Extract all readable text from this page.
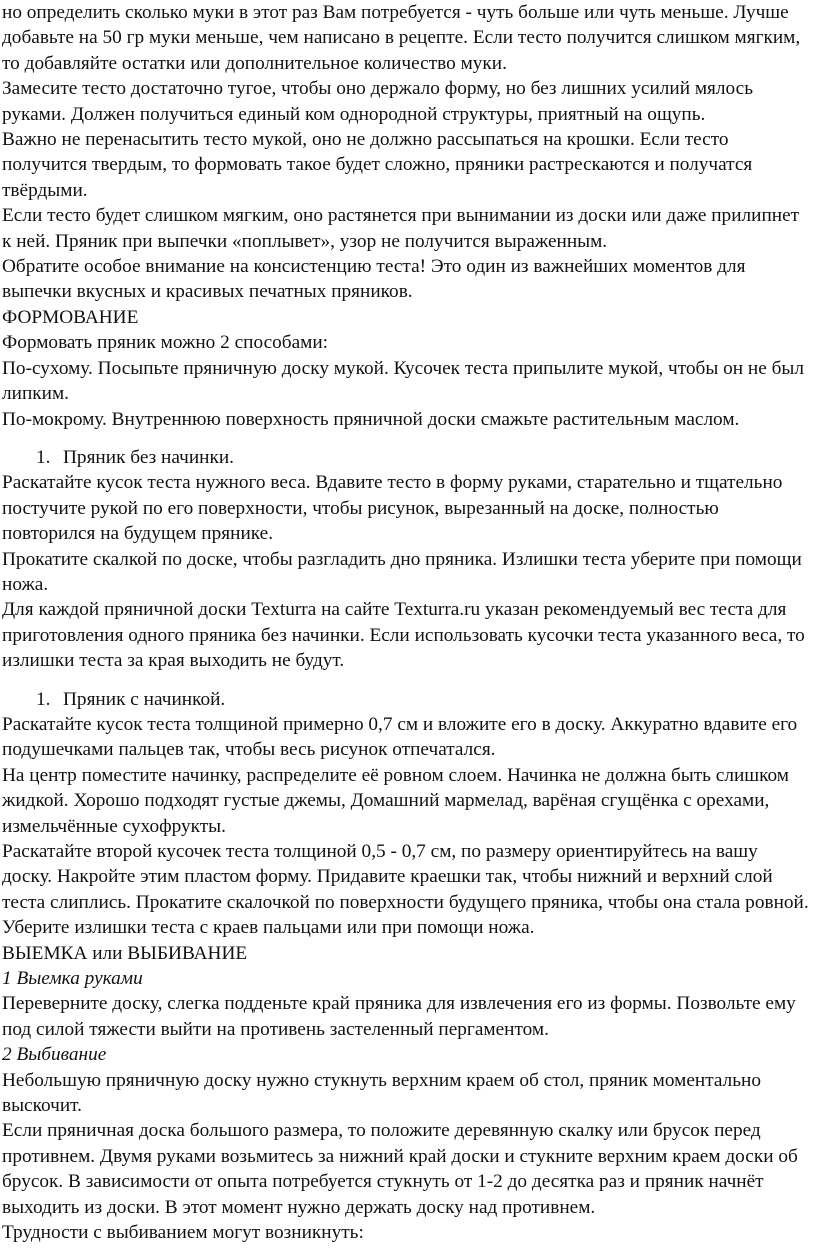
но определить сколько муки в этот раз Вам потребуется - чуть больше или чуть меньше. Лучше добавьте на 50 гр муки меньше, чем написано в рецепте. Если тесто получится слишком мягким, то добавляйте остатки или дополнительное количество муки.

Замесите тесто достаточно тугое, чтобы оно держало форму, но без лишних усилий мялось руками. Должен получиться единый ком однородной структуры, приятный на ощупь.

Важно не перенасытить тесто мукой, оно не должно рассыпаться на крошки. Если тесто получится твердым, то формовать такое будет сложно, пряники растрескаются и получатся твёрдыми.

Если тесто будет слишком мягким, оно растянется при вынимании из доски или даже прилипнет к ней. Пряник при выпечки «поплывет», узор не получится выраженным.

Обратите особое внимание на консистенцию теста! Это один из важнейших моментов для выпечки вкусных и красивых печатных пряников.

ФОРМОВАНИЕ

Формовать пряник можно 2 способами:

По-сухому. Посыпьте пряничную доску мукой. Кусочек теста припылите мукой, чтобы он не был липким.

По-мокрому. Внутреннюю поверхность пряничной доски смажьте растительным маслом.

1. Пряник без начинки.

Раскатайте кусок теста нужного веса. Вдавите тесто в форму руками, старательно и тщательно постучите рукой по его поверхности, чтобы рисунок, вырезанный на доске, полностью повторился на будущем прянике.

Прокатите скалкой по доске, чтобы разгладить дно пряника. Излишки теста уберите при помощи ножа.

Для каждой пряничной доски Texturra на сайте Texturra.ru указан рекомендуемый вес теста для приготовления одного пряника без начинки. Если использовать кусочки теста указанного веса, то излишки теста за края выходить не будут.

1. Пряник с начинкой.

Раскатайте кусок теста толщиной примерно 0,7 см и вложите его в доску. Аккуратно вдавите его подушечками пальцев так, чтобы весь рисунок отпечатался.

На центр поместите начинку, распределите её ровном слоем. Начинка не должна быть слишком жидкой. Хорошо подходят густые джемы, Домашний мармелад, варёная сгущёнка с орехами, измельчённые сухофрукты.

Раскатайте второй кусочек теста толщиной 0,5 - 0,7 см, по размеру ориентируйтесь на вашу доску. Накройте этим пластом форму. Придавите краешки так, чтобы нижний и верхний слой теста слиплись. Прокатите скалочкой по поверхности будущего пряника, чтобы она стала ровной. Уберите излишки теста с краев пальцами или при помощи ножа.

ВЫЕМКА или ВЫБИВАНИЕ

1 Выемка руками

Переверните доску, слегка подденьте край пряника для извлечения его из формы. Позвольте ему под силой тяжести выйти на противень застеленный пергаментом.

2 Выбивание

Небольшую пряничную доску нужно стукнуть верхним краем об стол, пряник моментально выскочит.

Если пряничная доска большого размера, то положите деревянную скалку или брусок перед противнем. Двумя руками возьмитесь за нижний край доски и стукните верхним краем доски об брусок. В зависимости от опыта потребуется стукнуть от 1-2 до десятка раз и пряник начнёт выходить из доски. В этот момент нужно держать доску над противнем.

Трудности с выбиванием могут возникнуть:
